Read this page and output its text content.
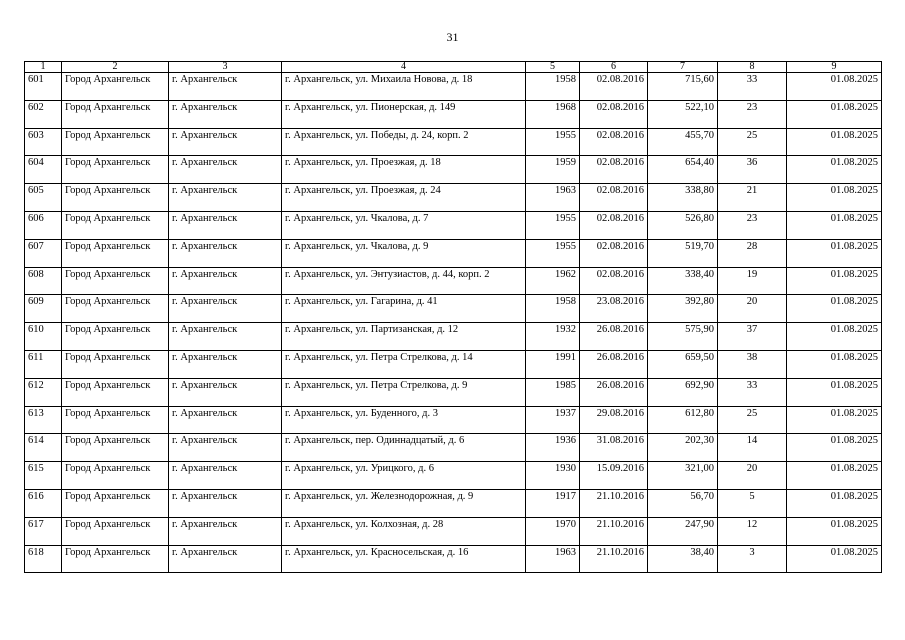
31
1	2	3	4	5	6	7	8	9
601	Город Архангельск	г. Архангельск	г. Архангельск, ул. Михаила Новова, д. 18	1958	02.08.2016	715,60	33	01.08.2025
602	Город Архангельск	г. Архангельск	г. Архангельск, ул. Пионерская, д. 149	1968	02.08.2016	522,10	23	01.08.2025
603	Город Архангельск	г. Архангельск	г. Архангельск, ул. Победы, д. 24, корп. 2	1955	02.08.2016	455,70	25	01.08.2025
604	Город Архангельск	г. Архангельск	г. Архангельск, ул. Проезжая, д. 18	1959	02.08.2016	654,40	36	01.08.2025
605	Город Архангельск	г. Архангельск	г. Архангельск, ул. Проезжая, д. 24	1963	02.08.2016	338,80	21	01.08.2025
606	Город Архангельск	г. Архангельск	г. Архангельск, ул. Чкалова, д. 7	1955	02.08.2016	526,80	23	01.08.2025
607	Город Архангельск	г. Архангельск	г. Архангельск, ул. Чкалова, д. 9	1955	02.08.2016	519,70	28	01.08.2025
608	Город Архангельск	г. Архангельск	г. Архангельск, ул. Энтузиастов, д. 44, корп. 2	1962	02.08.2016	338,40	19	01.08.2025
609	Город Архангельск	г. Архангельск	г. Архангельск, ул. Гагарина, д. 41	1958	23.08.2016	392,80	20	01.08.2025
610	Город Архангельск	г. Архангельск	г. Архангельск, ул. Партизанская, д. 12	1932	26.08.2016	575,90	37	01.08.2025
611	Город Архангельск	г. Архангельск	г. Архангельск, ул. Петра Стрелкова, д. 14	1991	26.08.2016	659,50	38	01.08.2025
612	Город Архангельск	г. Архангельск	г. Архангельск, ул. Петра Стрелкова, д. 9	1985	26.08.2016	692,90	33	01.08.2025
613	Город Архангельск	г. Архангельск	г. Архангельск, ул. Буденного, д. 3	1937	29.08.2016	612,80	25	01.08.2025
614	Город Архангельск	г. Архангельск	г. Архангельск, пер. Одиннадцатый, д. 6	1936	31.08.2016	202,30	14	01.08.2025
615	Город Архангельск	г. Архангельск	г. Архангельск, ул. Урицкого, д. 6	1930	15.09.2016	321,00	20	01.08.2025
616	Город Архангельск	г. Архангельск	г. Архангельск, ул. Железнодорожная, д. 9	1917	21.10.2016	56,70	5	01.08.2025
617	Город Архангельск	г. Архангельск	г. Архангельск, ул. Колхозная, д. 28	1970	21.10.2016	247,90	12	01.08.2025
618	Город Архангельск	г. Архангельск	г. Архангельск, ул. Красносельская, д. 16	1963	21.10.2016	38,40	3	01.08.2025
